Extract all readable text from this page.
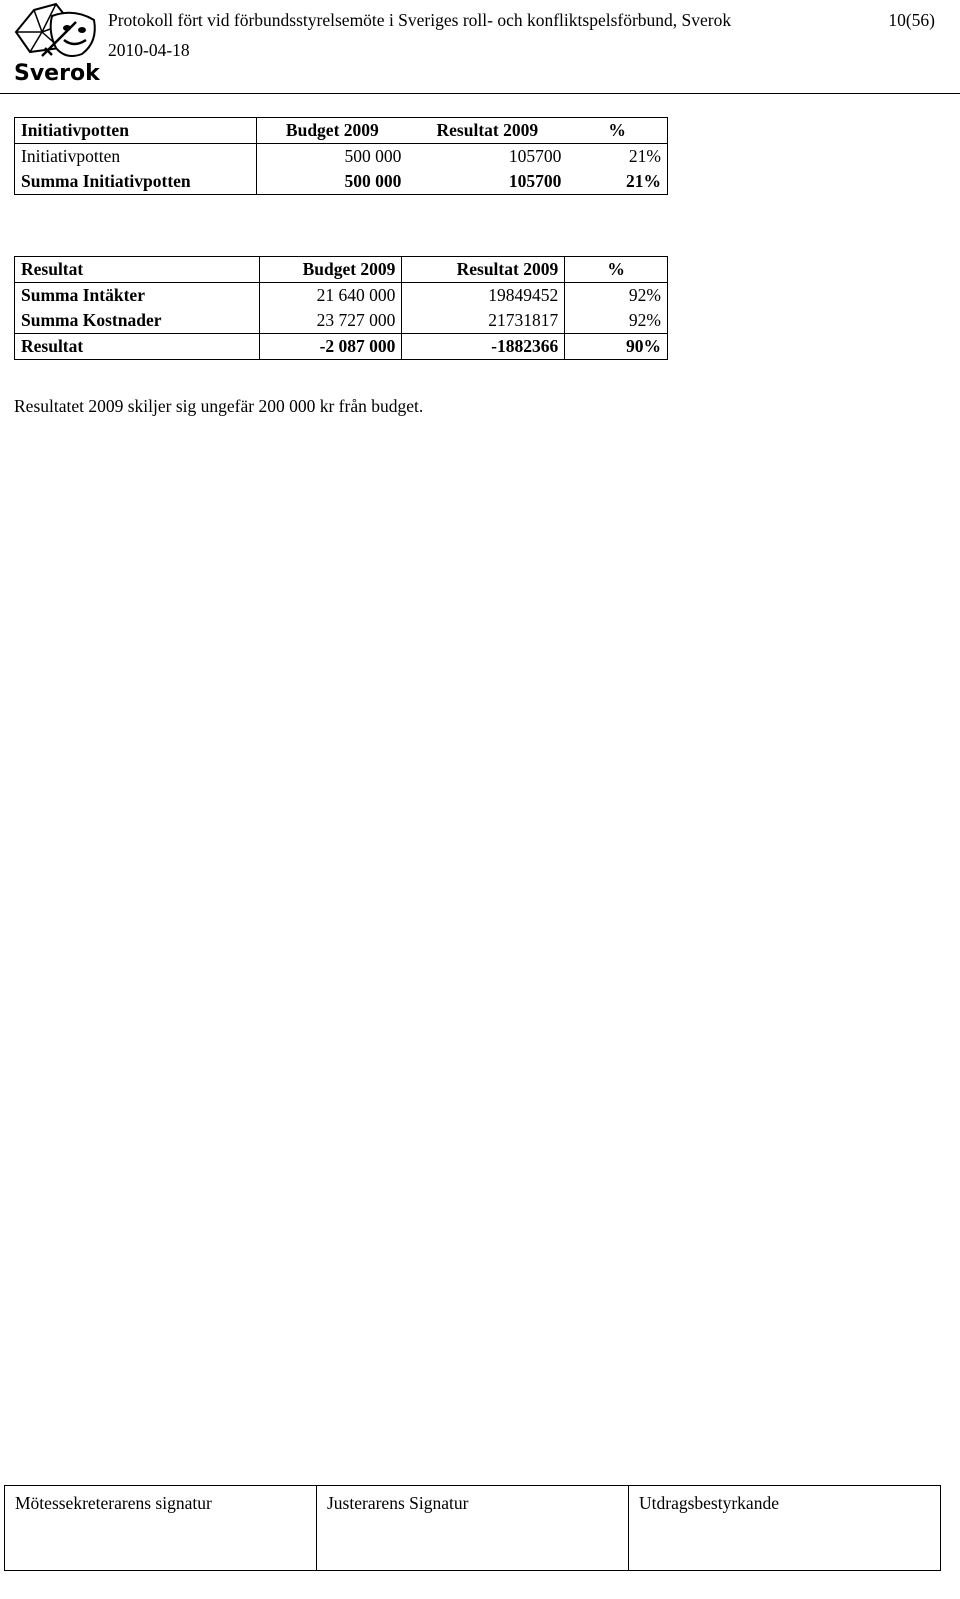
Sverok
Protokoll fört vid förbundsstyrelsemöte i Sveriges roll- och konfliktspelsförbund, Sverok
2010-04-18
10(56)
Initiativpotten	Budget 2009	Resultat 2009	%
Initiativpotten	500 000	105700	21%
Summa Initiativpotten	500 000	105700	21%
Resultat	Budget 2009	Resultat 2009	%
Summa Intäkter	21 640 000	19849452	92%
Summa Kostnader	23 727 000	21731817	92%
Resultat	-2 087 000	-1882366	90%
Resultatet 2009 skiljer sig ungefär 200 000 kr från budget.
Mötessekreterarens signatur	Justerarens Signatur	Utdragsbestyrkande
